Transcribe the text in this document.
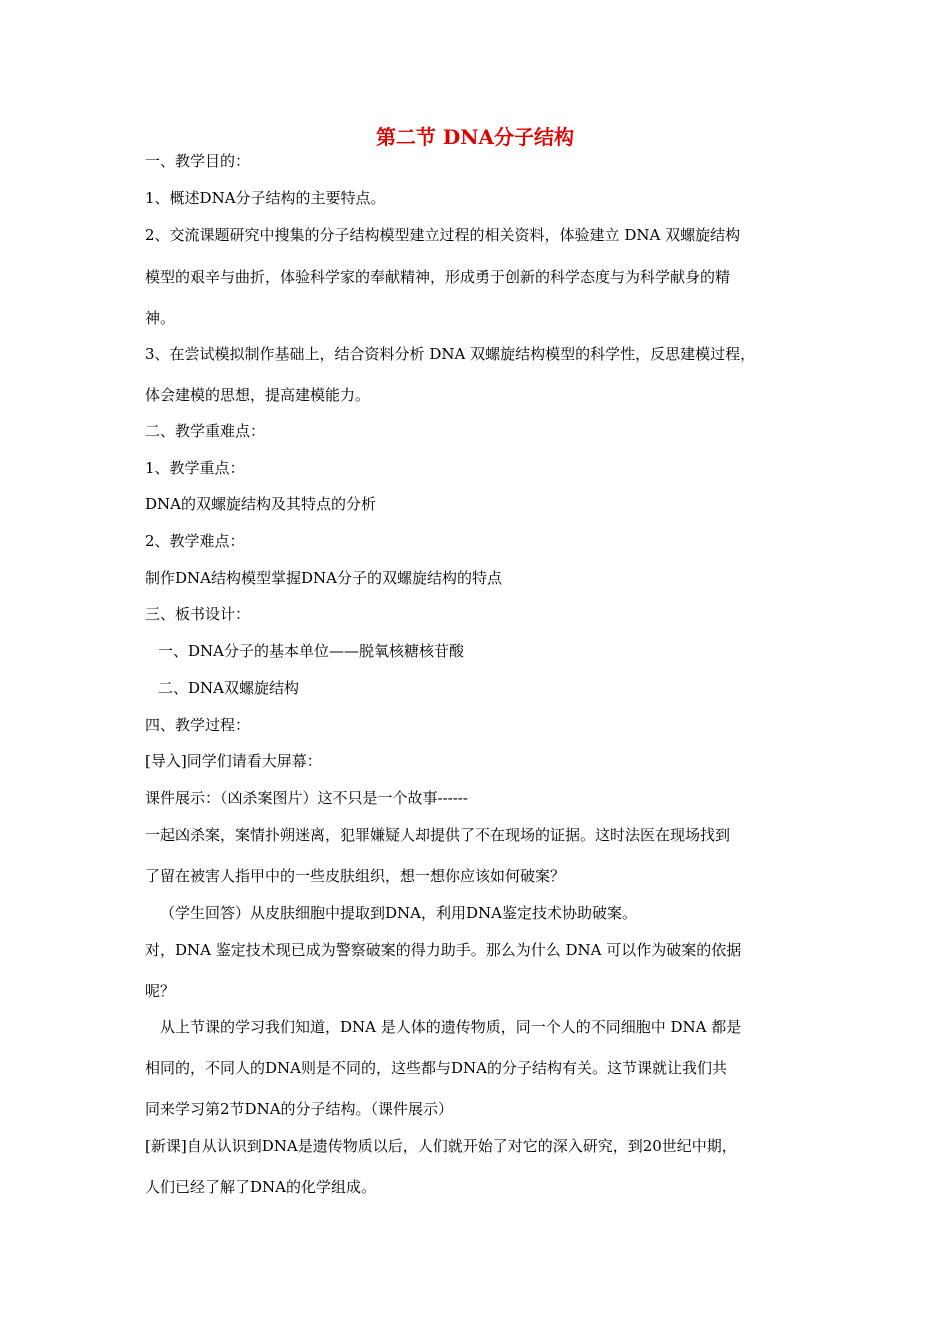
第二节 DNA分子结构
一、教学目的：
1、概述DNA分子结构的主要特点。
2、交流课题研究中搜集的分子结构模型建立过程的相关资料，体验建立 DNA 双螺旋结构
模型的艰辛与曲折，体验科学家的奉献精神，形成勇于创新的科学态度与为科学献身的精
神。
3、在尝试模拟制作基础上，结合资料分析 DNA 双螺旋结构模型的科学性，反思建模过程，
体会建模的思想，提高建模能力。
二、教学重难点：
1、教学重点：
DNA的双螺旋结构及其特点的分析
2、教学难点：
制作DNA结构模型掌握DNA分子的双螺旋结构的特点
三、板书设计：
一、DNA分子的基本单位——脱氧核糖核苷酸
二、DNA双螺旋结构
四、教学过程：
[导入]同学们请看大屏幕：
课件展示：（凶杀案图片）这不只是一个故事------
一起凶杀案，案情扑朔迷离，犯罪嫌疑人却提供了不在现场的证据。这时法医在现场找到
了留在被害人指甲中的一些皮肤组织，想一想你应该如何破案？
（学生回答）从皮肤细胞中提取到DNA，利用DNA鉴定技术协助破案。
对，DNA 鉴定技术现已成为警察破案的得力助手。那么为什么 DNA 可以作为破案的依据
呢？
从上节课的学习我们知道，DNA 是人体的遗传物质，同一个人的不同细胞中 DNA 都是
相同的，不同人的DNA则是不同的，这些都与DNA的分子结构有关。这节课就让我们共
同来学习第2节DNA的分子结构。（课件展示）
[新课]自从认识到DNA是遗传物质以后，人们就开始了对它的深入研究，到20世纪中期，
人们已经了解了DNA的化学组成。
